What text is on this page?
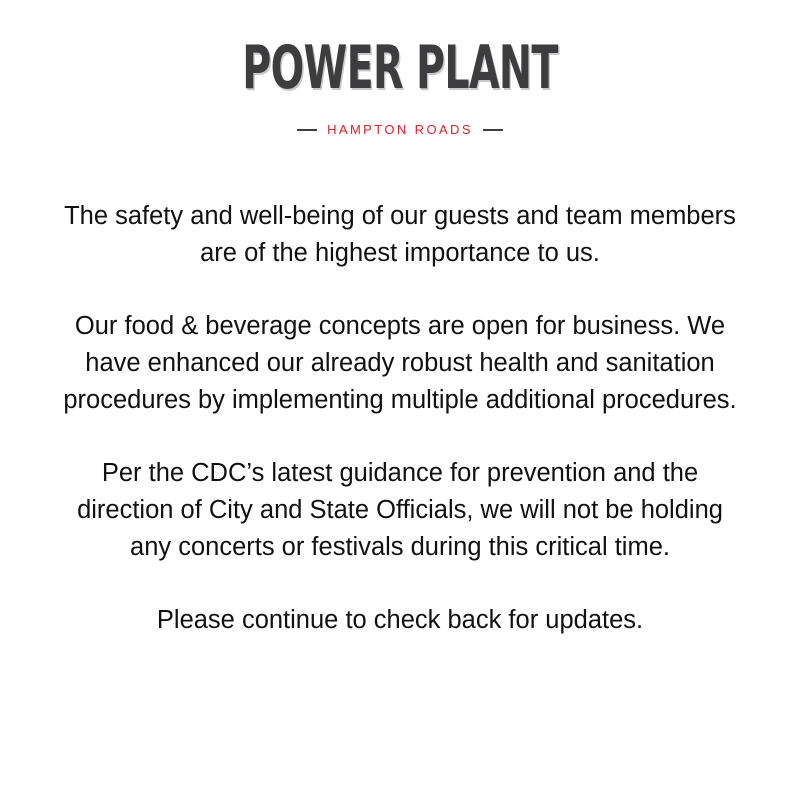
POWER PLANT
HAMPTON ROADS

The safety and well-being of our guests and team members are of the highest importance to us.

Our food & beverage concepts are open for business. We have enhanced our already robust health and sanitation procedures by implementing multiple additional procedures.

Per the CDC’s latest guidance for prevention and the direction of City and State Officials, we will not be holding any concerts or festivals during this critical time.

Please continue to check back for updates.
